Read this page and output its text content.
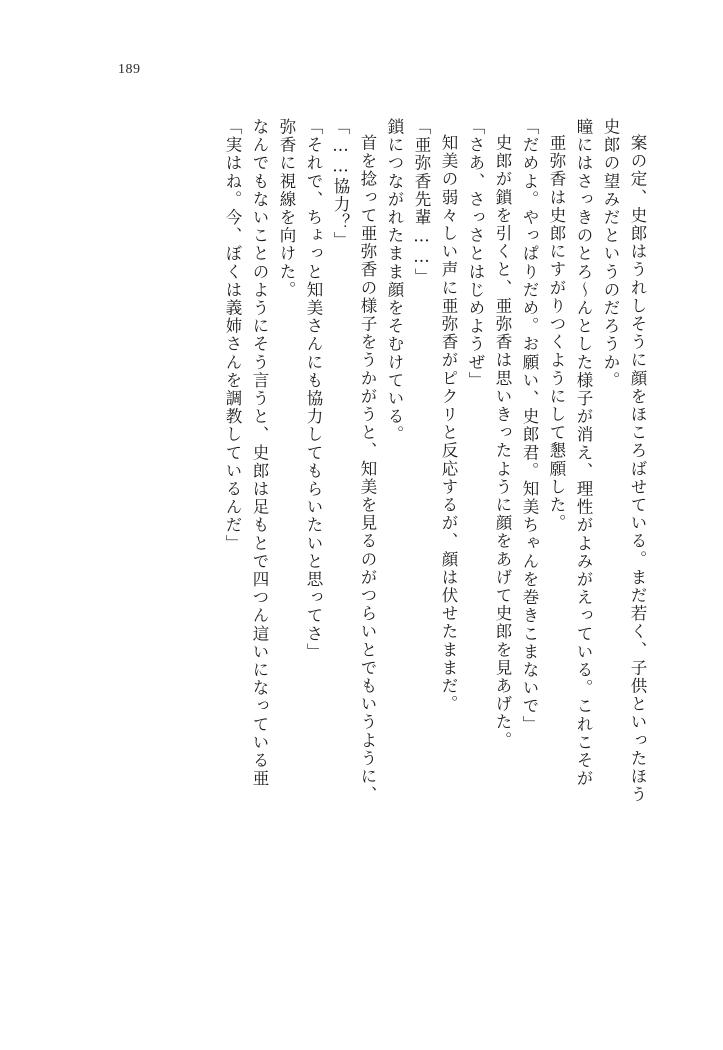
189
「実はね。今、ぼくは義姉さんを調教しているんだ」 なんでもないことのようにそう言うと、史郎は足もとで四つん這いになっている亜 弥香に視線を向けた。 「それで、ちょっと知美さんにも協力してもらいたいと思ってさ」 「……協力？」 首を捻って亜弥香の様子をうかがうと、知美を見るのがつらいとでもいうように、 鎖につながれたまま顔をそむけている。 「亜弥香先輩……」 知美の弱々しい声に亜弥香がピクリと反応するが、顔は伏せたままだ。 「さあ、さっさとはじめようぜ」 史郎が鎖を引くと、亜弥香は思いきったように顔をあげて史郎を見あげた。 「だめよ。やっぱりだめ。お願い、史郎君。知美ちゃんを巻きこまないで」 亜弥香は史郎にすがりつくようにして懇願した。 瞳にはさっきのとろ～んとした様子が消え、理性がよみがえっている。これこそが 史郎の望みだというのだろうか。 案の定、史郎はうれしそうに顔をほころばせている。まだ若く、子供といったほう
